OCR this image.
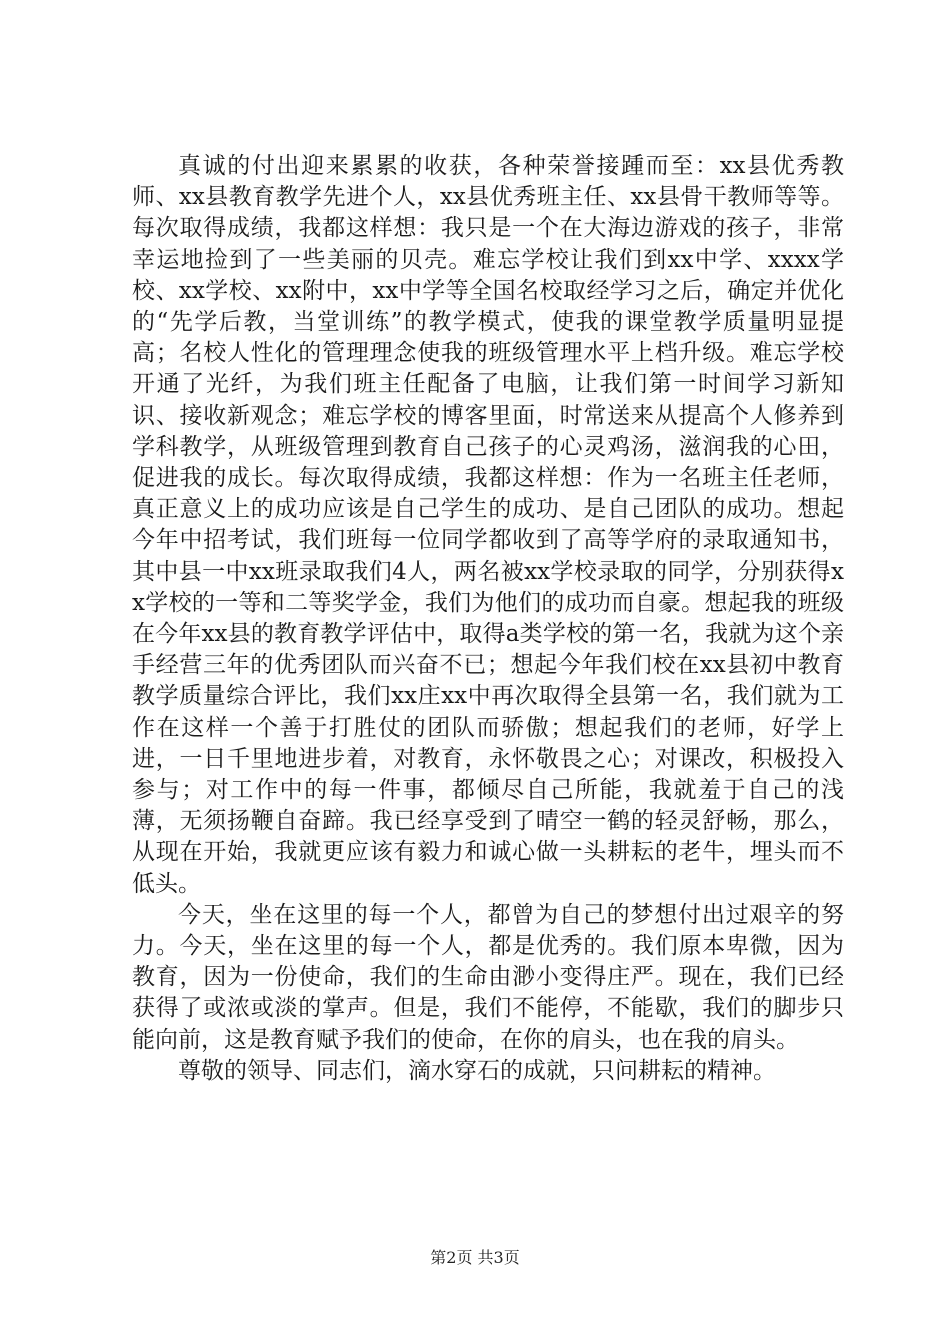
真诚的付出迎来累累的收获，各种荣誉接踵而至：xx县优秀教师、xx县教育教学先进个人，xx县优秀班主任、xx县骨干教师等等。每次取得成绩，我都这样想：我只是一个在大海边游戏的孩子，非常幸运地捡到了一些美丽的贝壳。难忘学校让我们到xx中学、xxxx学校、xx学校、xx附中，xx中学等全国名校取经学习之后，确定并优化的“先学后教，当堂训练”的教学模式，使我的课堂教学质量明显提高；名校人性化的管理理念使我的班级管理水平上档升级。难忘学校开通了光纤，为我们班主任配备了电脑，让我们第一时间学习新知识、接收新观念；难忘学校的博客里面，时常送来从提高个人修养到学科教学，从班级管理到教育自己孩子的心灵鸡汤，滋润我的心田，促进我的成长。每次取得成绩，我都这样想：作为一名班主任老师，真正意义上的成功应该是自己学生的成功、是自己团队的成功。想起今年中招考试，我们班每一位同学都收到了高等学府的录取通知书，其中县一中xx班录取我们4人，两名被xx学校录取的同学，分别获得xx学校的一等和二等奖学金，我们为他们的成功而自豪。想起我的班级在今年xx县的教育教学评估中，取得a类学校的第一名，我就为这个亲手经营三年的优秀团队而兴奋不已；想起今年我们校在xx县初中教育教学质量综合评比，我们xx庄xx中再次取得全县第一名，我们就为工作在这样一个善于打胜仗的团队而骄傲；想起我们的老师，好学上进，一日千里地进步着，对教育，永怀敬畏之心；对课改，积极投入参与；对工作中的每一件事，都倾尽自己所能，我就羞于自己的浅薄，无须扬鞭自奋蹄。我已经享受到了晴空一鹤的轻灵舒畅，那么，从现在开始，我就更应该有毅力和诚心做一头耕耘的老牛，埋头而不低头。

今天，坐在这里的每一个人，都曾为自己的梦想付出过艰辛的努力。今天，坐在这里的每一个人，都是优秀的。我们原本卑微，因为教育，因为一份使命，我们的生命由渺小变得庄严。现在，我们已经获得了或浓或淡的掌声。但是，我们不能停，不能歇，我们的脚步只能向前，这是教育赋予我们的使命，在你的肩头，也在我的肩头。

尊敬的领导、同志们，滴水穿石的成就，只问耕耘的精神。

第2页 共3页
